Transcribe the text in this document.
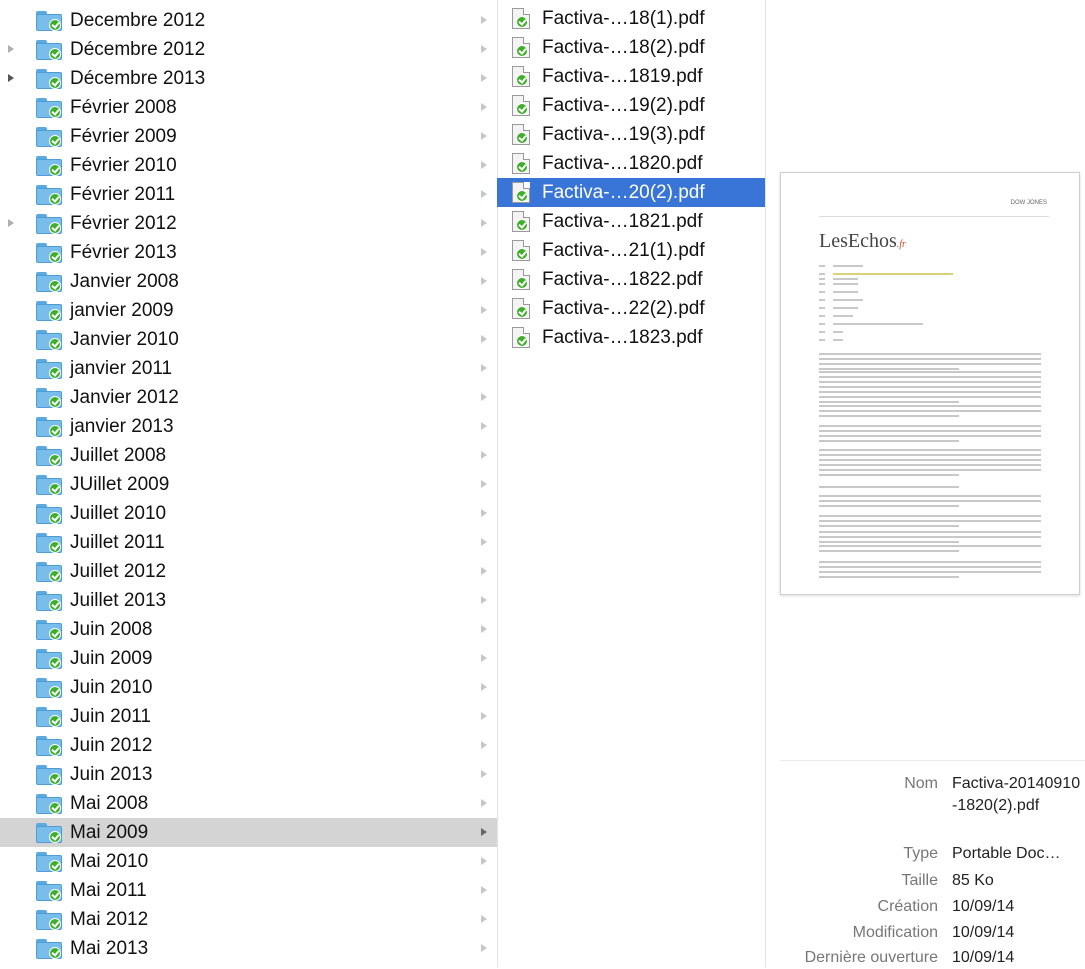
Decembre 2012
Décembre 2012
Décembre 2013
Février 2008
Février 2009
Février 2010
Février 2011
Février 2012
Février 2013
Janvier 2008
janvier 2009
Janvier 2010
janvier 2011
Janvier 2012
janvier 2013
Juillet 2008
JUillet 2009
Juillet 2010
Juillet 2011
Juillet 2012
Juillet 2013
Juin 2008
Juin 2009
Juin 2010
Juin 2011
Juin 2012
Juin 2013
Mai 2008
Mai 2009
Mai 2010
Mai 2011
Mai 2012
Mai 2013
Factiva-…18(1).pdf
Factiva-…18(2).pdf
Factiva-…1819.pdf
Factiva-…19(2).pdf
Factiva-…19(3).pdf
Factiva-…1820.pdf
Factiva-…20(2).pdf
Factiva-…1821.pdf
Factiva-…21(1).pdf
Factiva-…1822.pdf
Factiva-…22(2).pdf
Factiva-…1823.pdf
DOW JONES
LesEchos.fr
Nom Factiva-20140910-1820(2).pdf
Type Portable Doc…
Taille 85 Ko
Création 10/09/14
Modification 10/09/14
Dernière ouverture 10/09/14
